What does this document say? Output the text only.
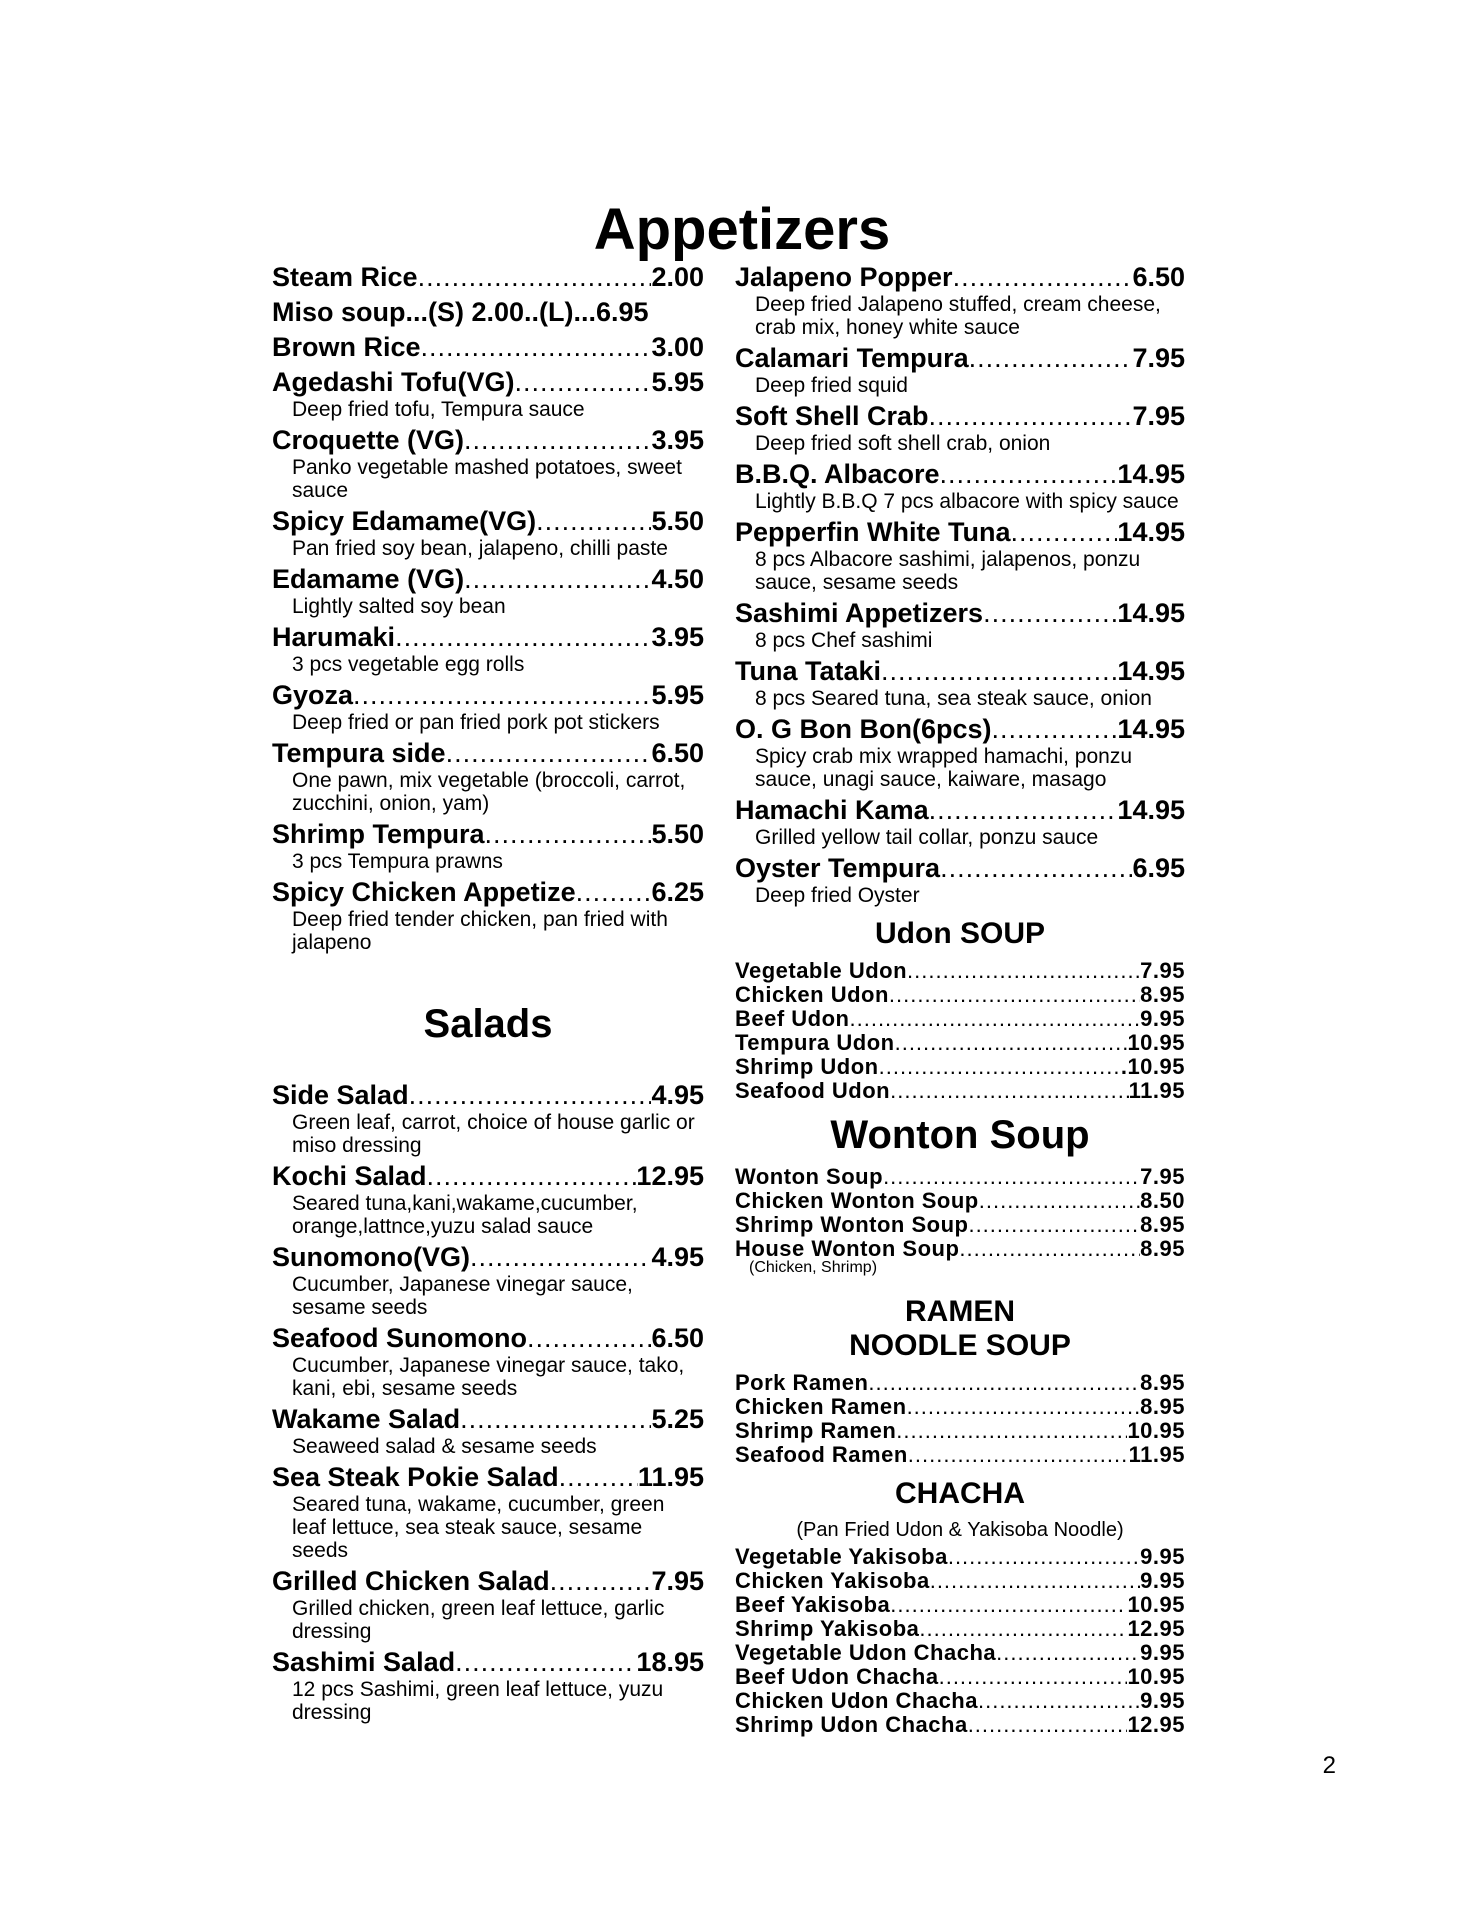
Appetizers
Steam Rice .....	2.00
Miso soup...(S) 2.00..(L)...6.95
Brown Rice .....	3.00
Agedashi Tofu(VG) .....	5.95
Deep fried tofu, Tempura sauce
Croquette (VG) .....	3.95
Panko vegetable mashed potatoes, sweet sauce
Spicy Edamame(VG) .....	5.50
Pan fried soy bean, jalapeno, chilli paste
Edamame (VG) .....	4.50
Lightly salted soy bean
Harumaki .....	3.95
3 pcs vegetable egg rolls
Gyoza .....	5.95
Deep fried or pan fried pork pot stickers
Tempura side .....	6.50
One pawn, mix vegetable (broccoli, carrot, zucchini, onion, yam)
Shrimp Tempura .....	5.50
3 pcs Tempura prawns
Spicy Chicken Appetize .....	6.25
Deep fried tender chicken, pan fried with jalapeno
Salads
Side Salad .....	4.95
Green leaf, carrot, choice of house garlic or miso dressing
Kochi Salad .....	12.95
Seared tuna,kani,wakame,cucumber, orange,lattnce,yuzu salad sauce
Sunomono(VG) .....	4.95
Cucumber, Japanese vinegar sauce, sesame seeds
Seafood Sunomono .....	6.50
Cucumber, Japanese vinegar sauce, tako, kani, ebi, sesame seeds
Wakame Salad .....	5.25
Seaweed salad & sesame seeds
Sea Steak Pokie Salad .....	11.95
Seared tuna, wakame, cucumber, green leaf lettuce, sea steak sauce, sesame seeds
Grilled Chicken Salad .....	7.95
Grilled chicken, green leaf lettuce, garlic dressing
Sashimi Salad .....	18.95
12 pcs Sashimi, green leaf lettuce, yuzu dressing
Jalapeno Popper .....	6.50
Deep fried Jalapeno stuffed, cream cheese, crab mix, honey white sauce
Calamari Tempura .....	7.95
Deep fried squid
Soft Shell Crab .....	7.95
Deep fried soft shell crab, onion
B.B.Q. Albacore .....	14.95
Lightly B.B.Q 7 pcs albacore with spicy sauce
Pepperfin White Tuna .....	14.95
8 pcs Albacore sashimi, jalapenos, ponzu sauce, sesame seeds
Sashimi Appetizers .....	14.95
8 pcs Chef sashimi
Tuna Tataki .....	14.95
8 pcs Seared tuna, sea steak sauce, onion
O. G Bon Bon(6pcs) .....	14.95
Spicy crab mix wrapped hamachi, ponzu sauce, unagi sauce, kaiware, masago
Hamachi Kama .....	14.95
Grilled yellow tail collar, ponzu sauce
Oyster Tempura .....	6.95
Deep fried Oyster
Udon SOUP
Vegetable Udon .....	7.95
Chicken Udon .....	8.95
Beef Udon .....	9.95
Tempura Udon .....	10.95
Shrimp Udon .....	.10.95
Seafood Udon .....	11.95
Wonton Soup
Wonton Soup .....	7.95
Chicken Wonton Soup .....	8.50
Shrimp Wonton Soup .....	8.95
House Wonton Soup .....	8.95
(Chicken, Shrimp)
RAMEN
NOODLE SOUP
Pork Ramen .....	8.95
Chicken Ramen .....	8.95
Shrimp Ramen .....	10.95
Seafood Ramen .....	11.95
CHACHA
(Pan Fried Udon & Yakisoba Noodle)
Vegetable Yakisoba .....	9.95
Chicken Yakisoba .....	9.95
Beef Yakisoba .....	10.95
Shrimp Yakisoba .....	12.95
Vegetable Udon Chacha .....	9.95
Beef Udon Chacha .....	10.95
Chicken Udon Chacha .....	9.95
Shrimp Udon Chacha .....	12.95
2
